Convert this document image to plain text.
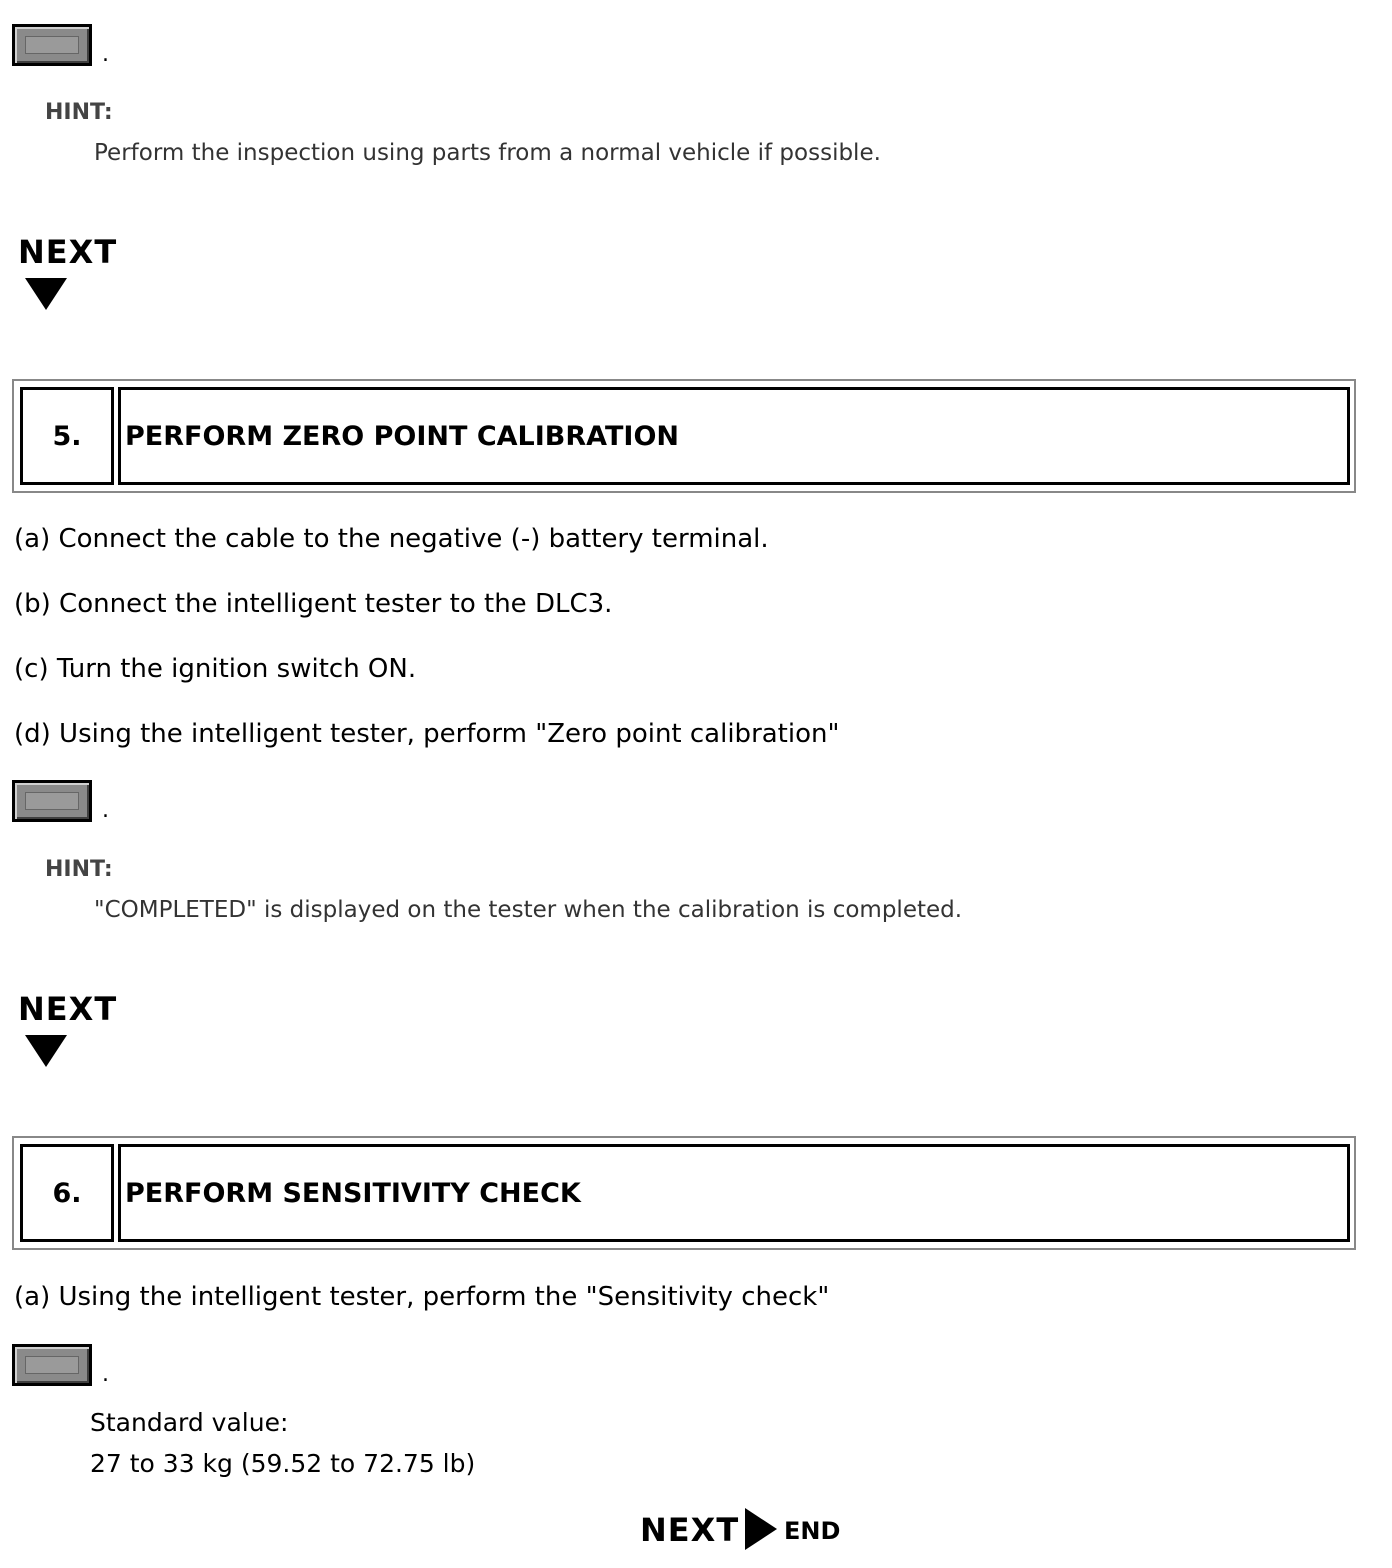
.
HINT:
Perform the inspection using parts from a normal vehicle if possible.
NEXT
5.	PERFORM ZERO POINT CALIBRATION
(a) Connect the cable to the negative (-) battery terminal.
(b) Connect the intelligent tester to the DLC3.
(c) Turn the ignition switch ON.
(d) Using the intelligent tester, perform "Zero point calibration"
.
HINT:
"COMPLETED" is displayed on the tester when the calibration is completed.
NEXT
6.	PERFORM SENSITIVITY CHECK
(a) Using the intelligent tester, perform the "Sensitivity check"
.
Standard value:
27 to 33 kg (59.52 to 72.75 lb)
NEXT END
